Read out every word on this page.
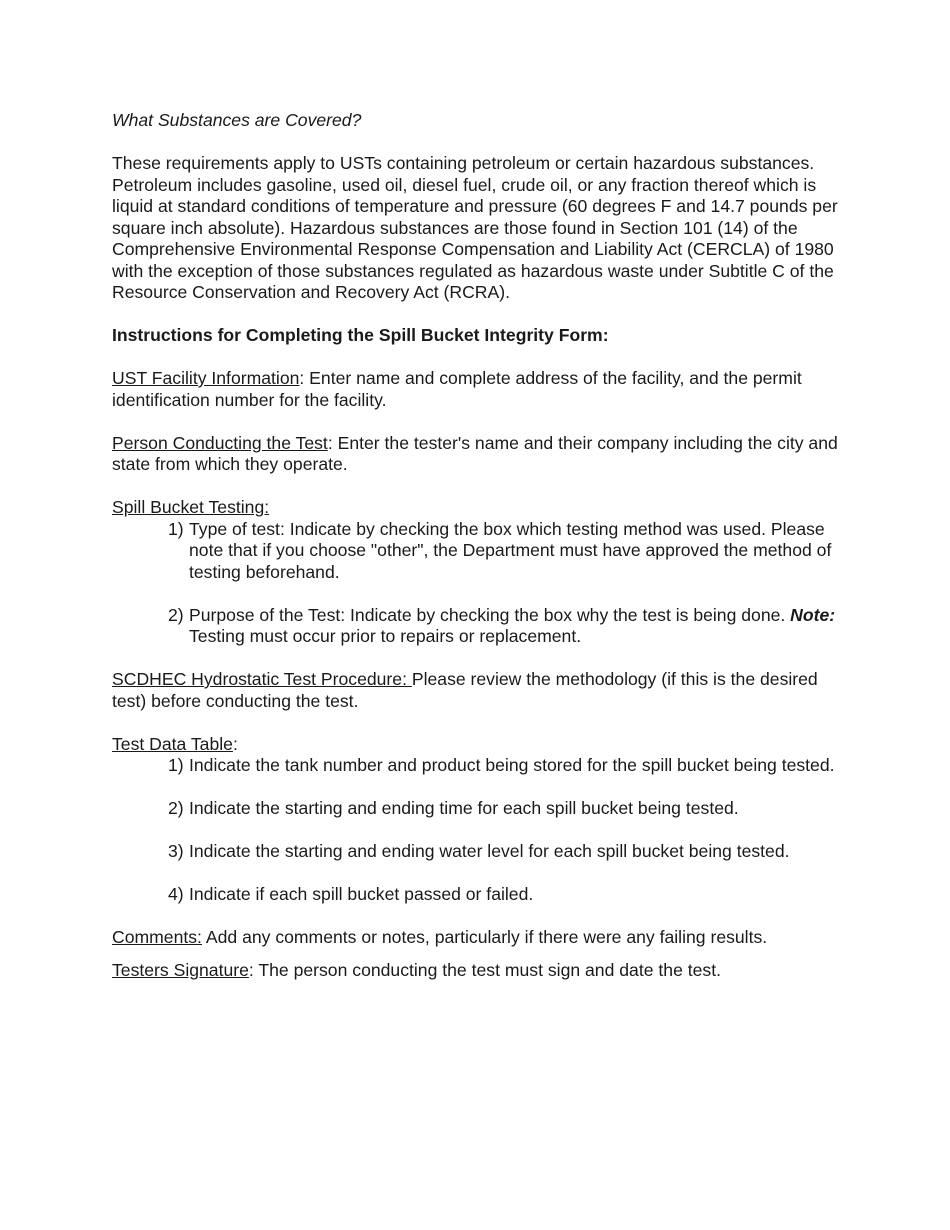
What Substances are Covered?

These requirements apply to USTs containing petroleum or certain hazardous substances. Petroleum includes gasoline, used oil, diesel fuel, crude oil, or any fraction thereof which is liquid at standard conditions of temperature and pressure (60 degrees F and 14.7 pounds per square inch absolute). Hazardous substances are those found in Section 101 (14) of the Comprehensive Environmental Response Compensation and Liability Act (CERCLA) of 1980 with the exception of those substances regulated as hazardous waste under Subtitle C of the Resource Conservation and Recovery Act (RCRA).

Instructions for Completing the Spill Bucket Integrity Form:

UST Facility Information: Enter name and complete address of the facility, and the permit identification number for the facility.

Person Conducting the Test: Enter the tester's name and their company including the city and state from which they operate.

Spill Bucket Testing:

1) Type of test: Indicate by checking the box which testing method was used. Please note that if you choose "other", the Department must have approved the method of testing beforehand.
2) Purpose of the Test: Indicate by checking the box why the test is being done. Note: Testing must occur prior to repairs or replacement.

SCDHEC Hydrostatic Test Procedure: Please review the methodology (if this is the desired test) before conducting the test.

Test Data Table:

1) Indicate the tank number and product being stored for the spill bucket being tested.
2) Indicate the starting and ending time for each spill bucket being tested.
3) Indicate the starting and ending water level for each spill bucket being tested.
4) Indicate if each spill bucket passed or failed.

Comments: Add any comments or notes, particularly if there were any failing results.

Testers Signature: The person conducting the test must sign and date the test.
